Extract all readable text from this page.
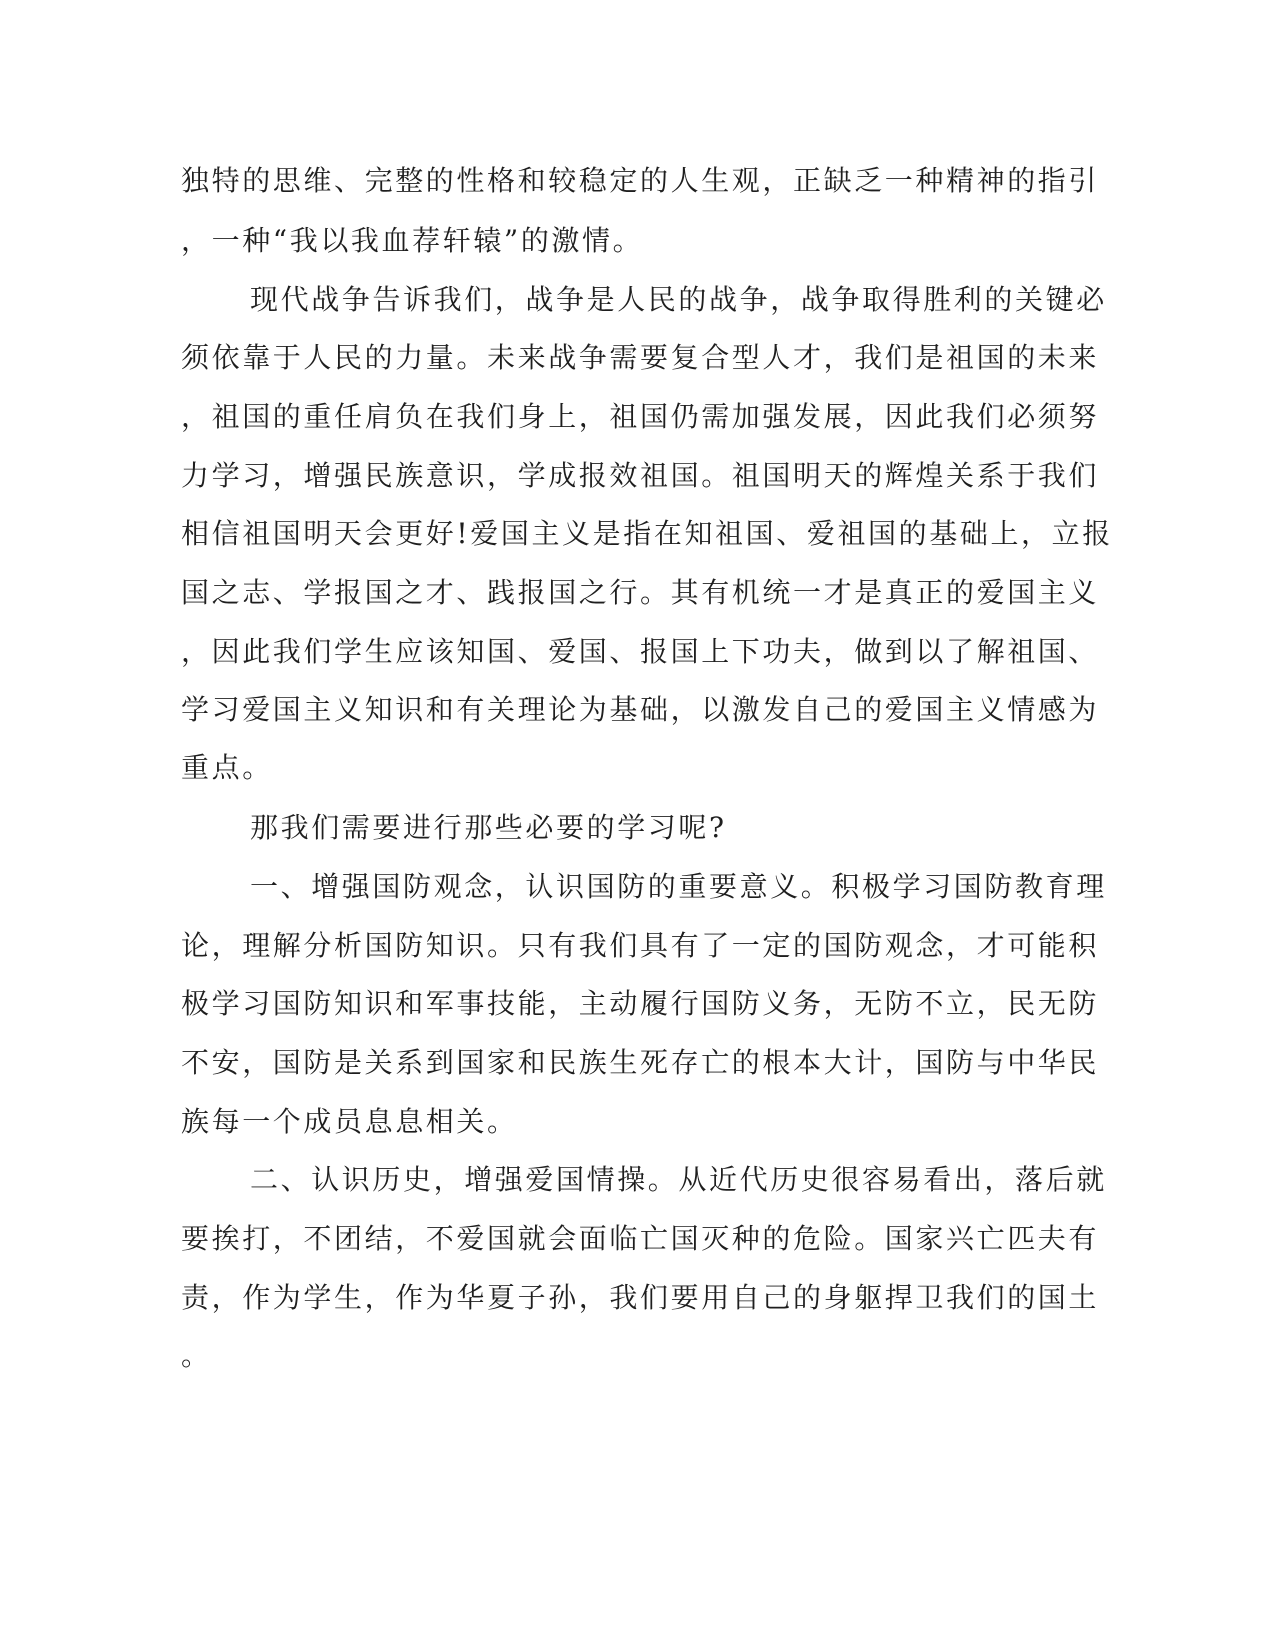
独特的思维、完整的性格和较稳定的人生观，正缺乏一种精神的指引
，一种“我以我血荐轩辕”的激情。
现代战争告诉我们，战争是人民的战争，战争取得胜利的关键必
须依靠于人民的力量。未来战争需要复合型人才，我们是祖国的未来
，祖国的重任肩负在我们身上，祖国仍需加强发展，因此我们必须努
力学习，增强民族意识，学成报效祖国。祖国明天的辉煌关系于我们
相信祖国明天会更好!爱国主义是指在知祖国、爱祖国的基础上，立报
国之志、学报国之才、践报国之行。其有机统一才是真正的爱国主义
，因此我们学生应该知国、爱国、报国上下功夫，做到以了解祖国、
学习爱国主义知识和有关理论为基础，以激发自己的爱国主义情感为
重点。
那我们需要进行那些必要的学习呢?
一、增强国防观念，认识国防的重要意义。积极学习国防教育理
论，理解分析国防知识。只有我们具有了一定的国防观念，才可能积
极学习国防知识和军事技能，主动履行国防义务，无防不立，民无防
不安，国防是关系到国家和民族生死存亡的根本大计，国防与中华民
族每一个成员息息相关。
二、认识历史，增强爱国情操。从近代历史很容易看出，落后就
要挨打，不团结，不爱国就会面临亡国灭种的危险。国家兴亡匹夫有
责，作为学生，作为华夏子孙，我们要用自己的身躯捍卫我们的国土
。
